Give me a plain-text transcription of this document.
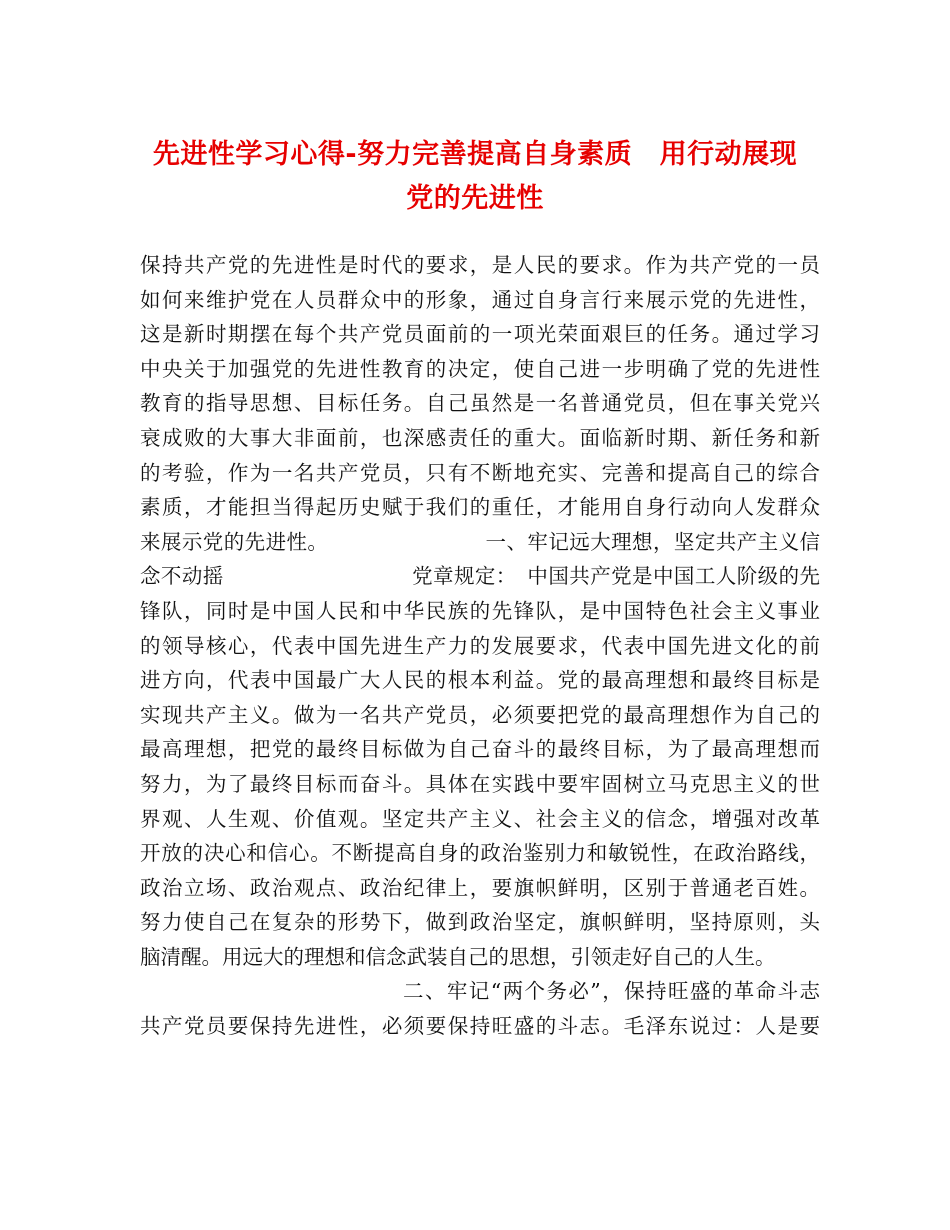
先进性学习心得-努力完善提高自身素质　用行动展现
党的先进性
保持共产党的先进性是时代的要求，是人民的要求。作为共产党的一员
如何来维护党在人员群众中的形象，通过自身言行来展示党的先进性，
这是新时期摆在每个共产党员面前的一项光荣面艰巨的任务。通过学习
中央关于加强党的先进性教育的决定，使自己进一步明确了党的先进性
教育的指导思想、目标任务。自己虽然是一名普通党员，但在事关党兴
衰成败的大事大非面前，也深感责任的重大。面临新时期、新任务和新
的考验，作为一名共产党员，只有不断地充实、完善和提高自己的综合
素质，才能担当得起历史赋于我们的重任，才能用自身行动向人发群众
来展示党的先进性。　　　　　　　　一、牢记远大理想，坚定共产主义信
念不动摇　　　　　　　　　党章规定：　中国共产党是中国工人阶级的先
锋队，同时是中国人民和中华民族的先锋队，是中国特色社会主义事业
的领导核心，代表中国先进生产力的发展要求，代表中国先进文化的前
进方向，代表中国最广大人民的根本利益。党的最高理想和最终目标是
实现共产主义。做为一名共产党员，必须要把党的最高理想作为自己的
最高理想，把党的最终目标做为自己奋斗的最终目标，为了最高理想而
努力，为了最终目标而奋斗。具体在实践中要牢固树立马克思主义的世
界观、人生观、价值观。坚定共产主义、社会主义的信念，增强对改革
开放的决心和信心。不断提高自身的政治鉴别力和敏锐性，在政治路线，
政治立场、政治观点、政治纪律上，要旗帜鲜明，区别于普通老百姓。
努力使自己在复杂的形势下，做到政治坚定，旗帜鲜明，坚持原则，头
脑清醒。用远大的理想和信念武装自己的思想，引领走好自己的人生。
　　　　　　　　　　　　二、牢记“两个务必”，保持旺盛的革命斗志
共产党员要保持先进性，必须要保持旺盛的斗志。毛泽东说过：人是要
